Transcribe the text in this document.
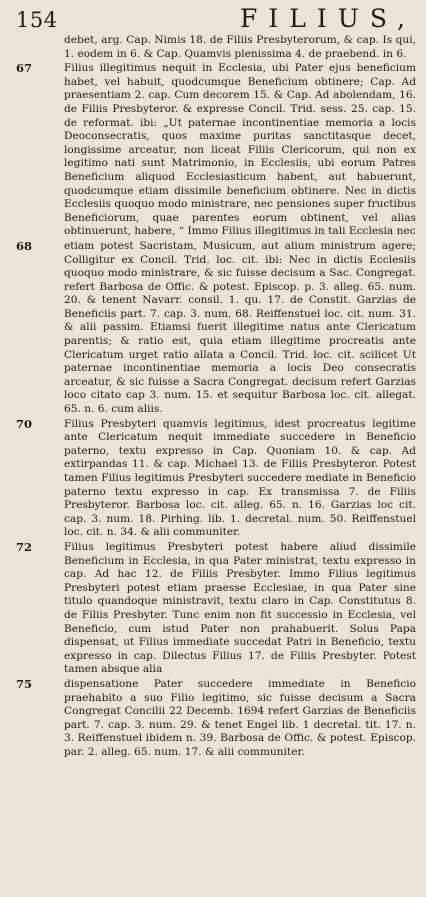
154	FILIUS,

debet, arg. Cap. Nimis 18. de Filiis Presbyterorum, & cap. Is qui, 1. eodem in 6. & Cap. Quamvis plenissima 4. de praebend. in 6.

67	Filius illegitimus nequit in Ecclesia, ubi Pater ejus beneficium habet, vel habuit, quodcumque Beneficium obtinere; Cap. Ad praesentiam 2. cap. Cum decorem 15. & Cap. Ad abolendam, 16. de Filiis Presbyteror. & expresse Concil. Trid. sess. 25. cap. 15. de reformat. ibi: „Ut paternae incontinentiae memoria a locis Deoconsecratis, quos maxime puritas sanctitasque decet, longissime arceatur, non liceat Filiis Clericorum, qui non ex legitimo nati sunt Matrimonio, in Ecclesiis, ubi eorum Patres Beneficium aliquod Ecclesiasticum habent, aut habuerunt, quodcumque etiam dissimile beneficium obtinere. Nec in dictis Ecclesiis quoquo modo ministrare, nec pensiones super fructibus Beneficiorum, quae parentes eorum obtinent, vel alias obtinuerunt, habere, “ Immo Filius illegitimus in tali Ecclesia nec

68	etiam potest Sacristam, Musicum, aut alium ministrum agere; Colligitur ex Concil. Trid. loc. cit. ibi: Nec in dictis Ecclesiis quoquo modo ministrare, & sic fuisse decisum a Sac. Congregat. refert Barbosa de Offic. & potest. Episcop. p. 3. alleg. 65. num. 20. & tenent Navarr. consil. 1. qu. 17. de Constit. Garzias de Beneficiis part. 7. cap. 3. num. 68. Reiffenstuel loc. cit. num. 31. & alii passim. Etiamsi fuerit illegitime natus ante Clericatum parentis; & ratio est, quia etiam illegitime procreatis ante Clericatum urget ratio allata a Concil. Trid. loc. cit. scilicet Ut paternae incontinentiae memoria a locis Deo consecratis arceatur, & sic fuisse a Sacra Congregat. decisum refert Garzias loco citato cap 3. num. 15. et sequitur Barbosa loc. cit. allegat. 65. n. 6. cum aliis.

70	Filius Presbyteri quamvis legitimus, idest procreatus legitime ante Clericatum nequit immediate succedere in Beneficio paterno, textu expresso in Cap. Quoniam 10. & cap. Ad extirpandas 11. & cap. Michael 13. de Filiis Presbyteror. Potest tamen Filius legitimus Presbyteri succedere mediate in Beneficio paterno textu expresso in cap. Ex transmissa 7. de Filiis Presbyteror. Barbosa loc. cit. alleg. 65. n. 16. Garzias loc cit. cap. 3. num. 18. Pirhing. lib. 1. decretal. num. 50. Reiffenstuel loc. cit. n. 34. & alii communiter.

72	Filius legitimus Presbyteri potest habere aliud dissimile Beneficium in Ecclesia, in qua Pater ministrat, textu expresso in cap. Ad hac 12. de Filiis Presbyter. Immo Filius legitimus Presbyteri potest etiam praesse Ecclesiae, in qua Pater sine titulo quandoque ministravit, textu claro in Cap. Constitutus 8. de Filiis Presbyter. Tunc enim non fit successio in Ecclesia, vel Beneficio, cum istud Pater non prahabuerit. Solus Papa dispensat, ut Filius immediate succedat Patri in Beneficio, textu expresso in cap. Dilectus Filius 17. de Filiis Presbyter. Potest tamen absque alia

75	dispensatione Pater succedere immediate in Beneficio praehabito a suo Filio legitimo, sic fuisse decisum a Sacra Congregat Concilii 22 Decemb. 1694 refert Garzias de Beneficiis part. 7. cap. 3. num. 29. & tenet Engel lib. 1 decretal. tit. 17. n. 3. Reiffenstuel ibidem n. 39. Barbosa de Offic. & potest. Episcop. par. 2. alleg. 65. num. 17. & alii communiter.
